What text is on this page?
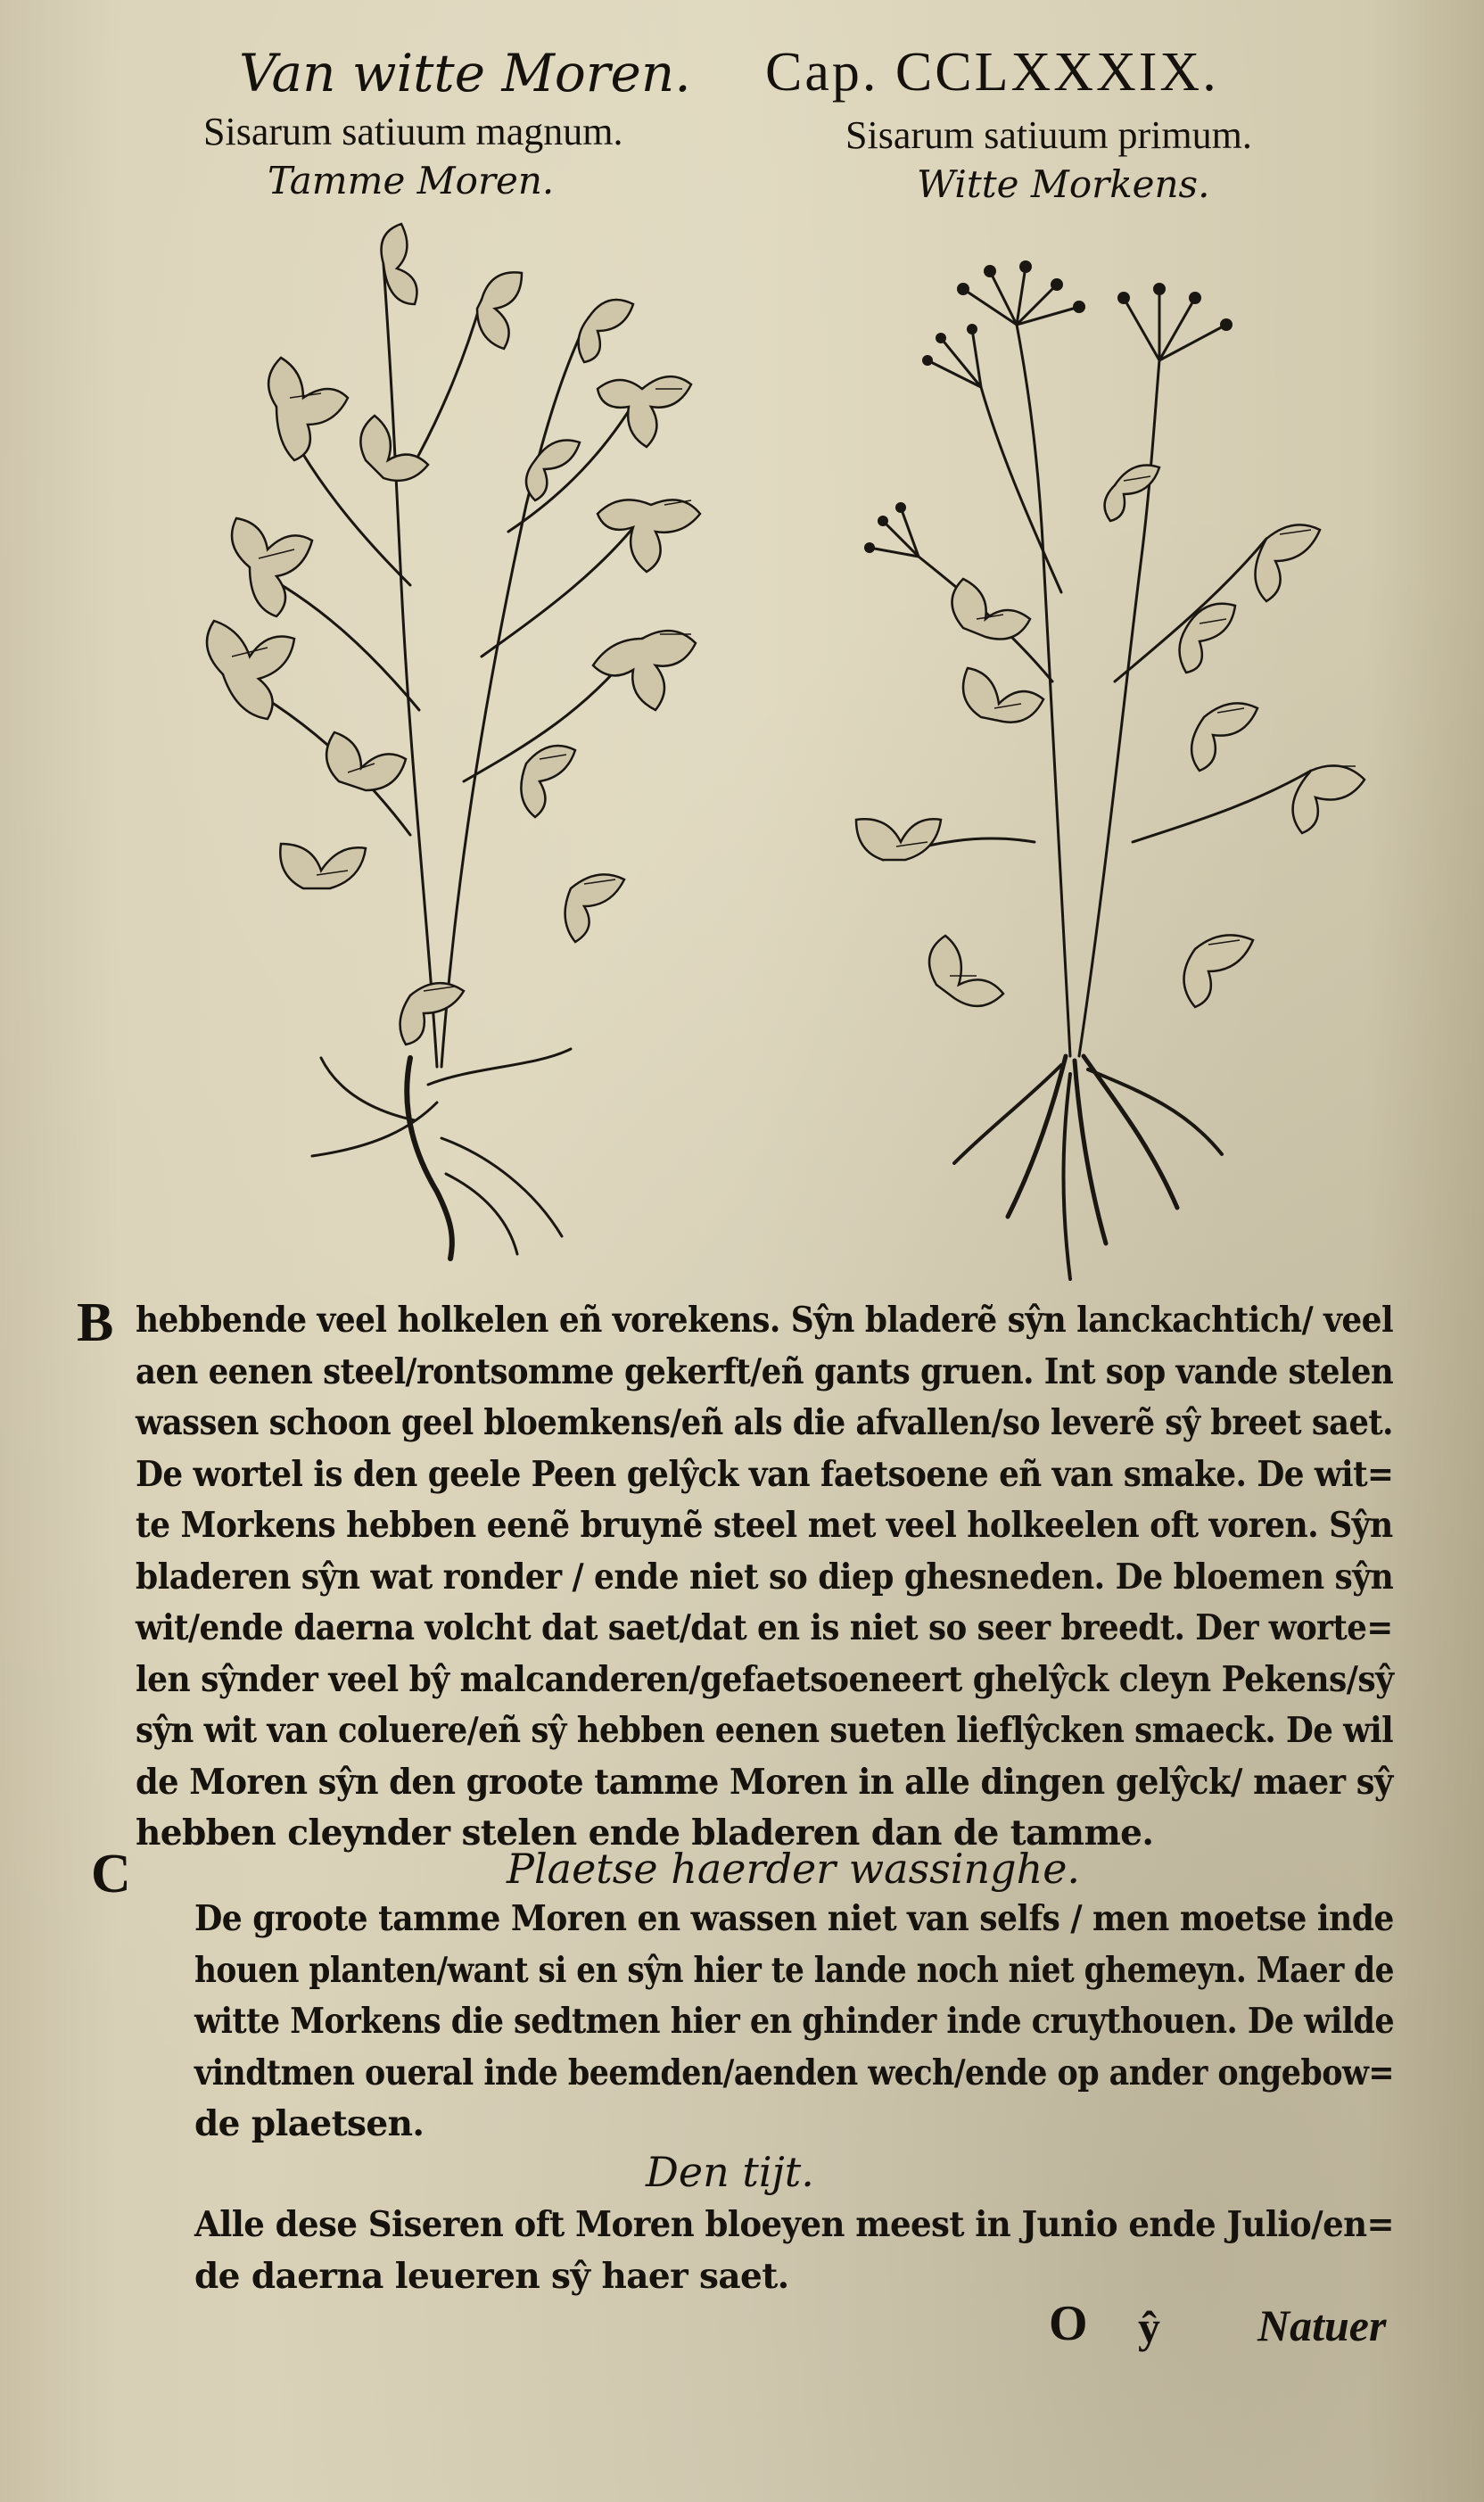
Van witte Moren. Cap. CCLXXXIX.
Sisarum satiuum magnum.	Sisarum satiuum primum.
Tamme Moren.	Witte Morkens.
B hebbende veel holkelen eñ vorekens. Sŷn bladerẽ sŷn lanckachtich/ veel
aen eenen steel/rontsomme gekerft/eñ gants gruen. Int sop vande stelen
wassen schoon geel bloemkens/eñ als die afvallen/so leverẽ sŷ breet saet.
De wortel is den geele Peen gelŷck van faetsoene eñ van smake. De wit=
te Morkens hebben eenẽ bruynẽ steel met veel holkeelen oft voren. Sŷn
bladeren sŷn wat ronder / ende niet so diep ghesneden. De bloemen sŷn
wit/ende daerna volcht dat saet/dat en is niet so seer breedt. Der worte=
len sŷnder veel bŷ malcanderen/gefaetsoeneert ghelŷck cleyn Pekens/sŷ
sŷn wit van coluere/eñ sŷ hebben eenen sueten lieflŷcken smaeck. De wil
de Moren sŷn den groote tamme Moren in alle dingen gelŷck/ maer sŷ
hebben cleynder stelen ende bladeren dan de tamme.
C	Plaetse haerder wassinghe.
De groote tamme Moren en wassen niet van selfs / men moetse inde
houen planten/want si en sŷn hier te lande noch niet ghemeyn. Maer de
witte Morkens die sedtmen hier en ghinder inde cruythouen. De wilde
vindtmen oueral inde beemden/aenden wech/ende op ander ongebow=
de plaetsen.
Den tijt.
Alle dese Siseren oft Moren bloeyen meest in Junio ende Julio/en=
de daerna leueren sŷ haer saet.
O ŷ Natuer
